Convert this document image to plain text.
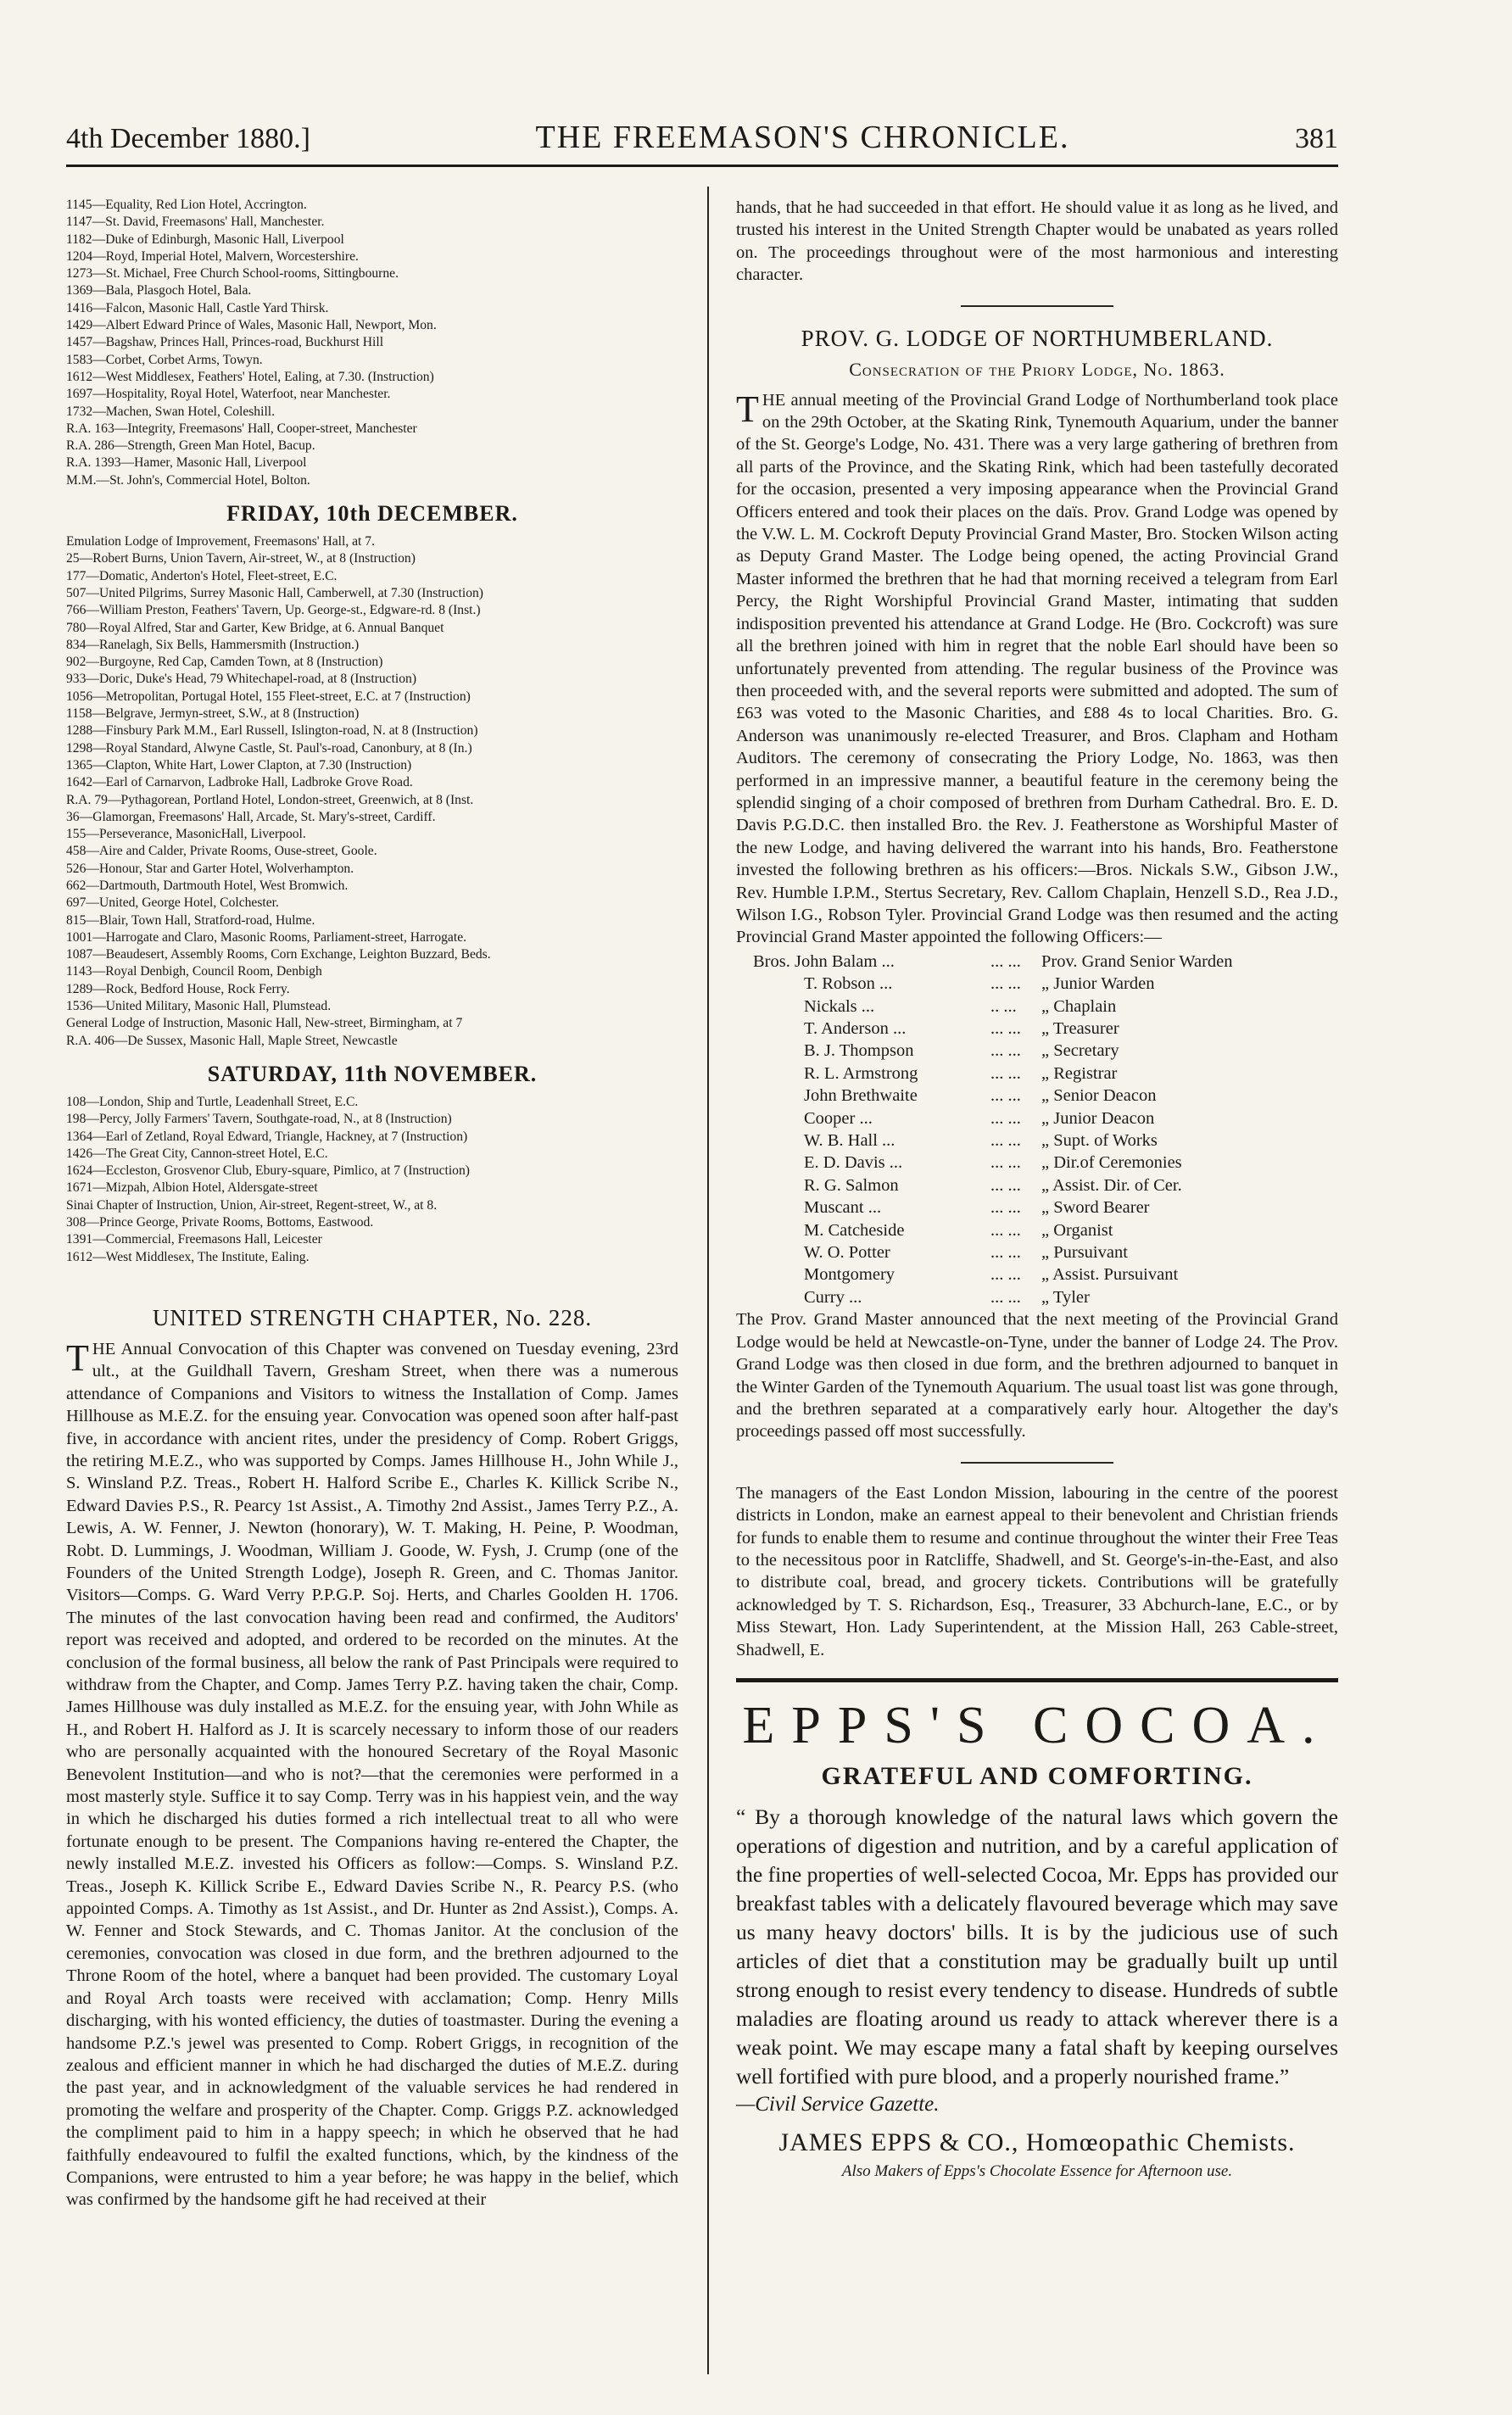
4th December 1880.]	THE FREEMASON'S CHRONICLE.	381

1145—Equality, Red Lion Hotel, Accrington.

1147—St. David, Freemasons' Hall, Manchester.

1182—Duke of Edinburgh, Masonic Hall, Liverpool

1204—Royd, Imperial Hotel, Malvern, Worcestershire.

1273—St. Michael, Free Church School-rooms, Sittingbourne.

1369—Bala, Plasgoch Hotel, Bala.

1416—Falcon, Masonic Hall, Castle Yard Thirsk.

1429—Albert Edward Prince of Wales, Masonic Hall, Newport, Mon.

1457—Bagshaw, Princes Hall, Princes-road, Buckhurst Hill

1583—Corbet, Corbet Arms, Towyn.

1612—West Middlesex, Feathers' Hotel, Ealing, at 7.30. (Instruction)

1697—Hospitality, Royal Hotel, Waterfoot, near Manchester.

1732—Machen, Swan Hotel, Coleshill.

R.A. 163—Integrity, Freemasons' Hall, Cooper-street, Manchester

R.A. 286—Strength, Green Man Hotel, Bacup.

R.A. 1393—Hamer, Masonic Hall, Liverpool

M.M.—St. John's, Commercial Hotel, Bolton.

FRIDAY, 10th DECEMBER.

Emulation Lodge of Improvement, Freemasons' Hall, at 7.

25—Robert Burns, Union Tavern, Air-street, W., at 8 (Instruction)

177—Domatic, Anderton's Hotel, Fleet-street, E.C.

507—United Pilgrims, Surrey Masonic Hall, Camberwell, at 7.30 (Instruction)

766—William Preston, Feathers' Tavern, Up. George-st., Edgware-rd. 8 (Inst.)

780—Royal Alfred, Star and Garter, Kew Bridge, at 6. Annual Banquet

834—Ranelagh, Six Bells, Hammersmith (Instruction.)

902—Burgoyne, Red Cap, Camden Town, at 8 (Instruction)

933—Doric, Duke's Head, 79 Whitechapel-road, at 8 (Instruction)

1056—Metropolitan, Portugal Hotel, 155 Fleet-street, E.C. at 7 (Instruction)

1158—Belgrave, Jermyn-street, S.W., at 8 (Instruction)

1288—Finsbury Park M.M., Earl Russell, Islington-road, N. at 8 (Instruction)

1298—Royal Standard, Alwyne Castle, St. Paul's-road, Canonbury, at 8 (In.)

1365—Clapton, White Hart, Lower Clapton, at 7.30 (Instruction)

1642—Earl of Carnarvon, Ladbroke Hall, Ladbroke Grove Road.

R.A. 79—Pythagorean, Portland Hotel, London-street, Greenwich, at 8 (Inst.

36—Glamorgan, Freemasons' Hall, Arcade, St. Mary's-street, Cardiff.

155—Perseverance, MasonicHall, Liverpool.

458—Aire and Calder, Private Rooms, Ouse-street, Goole.

526—Honour, Star and Garter Hotel, Wolverhampton.

662—Dartmouth, Dartmouth Hotel, West Bromwich.

697—United, George Hotel, Colchester.

815—Blair, Town Hall, Stratford-road, Hulme.

1001—Harrogate and Claro, Masonic Rooms, Parliament-street, Harrogate.

1087—Beaudesert, Assembly Rooms, Corn Exchange, Leighton Buzzard, Beds.

1143—Royal Denbigh, Council Room, Denbigh

1289—Rock, Bedford House, Rock Ferry.

1536—United Military, Masonic Hall, Plumstead.

General Lodge of Instruction, Masonic Hall, New-street, Birmingham, at 7

R.A. 406—De Sussex, Masonic Hall, Maple Street, Newcastle

SATURDAY, 11th NOVEMBER.

108—London, Ship and Turtle, Leadenhall Street, E.C.

198—Percy, Jolly Farmers' Tavern, Southgate-road, N., at 8 (Instruction)

1364—Earl of Zetland, Royal Edward, Triangle, Hackney, at 7 (Instruction)

1426—The Great City, Cannon-street Hotel, E.C.

1624—Eccleston, Grosvenor Club, Ebury-square, Pimlico, at 7 (Instruction)

1671—Mizpah, Albion Hotel, Aldersgate-street

Sinai Chapter of Instruction, Union, Air-street, Regent-street, W., at 8.

308—Prince George, Private Rooms, Bottoms, Eastwood.

1391—Commercial, Freemasons Hall, Leicester

1612—West Middlesex, The Institute, Ealing.

UNITED STRENGTH CHAPTER, No. 228.

THE Annual Convocation of this Chapter was convened on Tuesday evening, 23rd ult., at the Guildhall Tavern, Gresham Street, when there was a numerous attendance of Companions and Visitors to witness the Installation of Comp. James Hillhouse as M.E.Z. for the ensuing year. Convocation was opened soon after half-past five, in accordance with ancient rites, under the presidency of Comp. Robert Griggs, the retiring M.E.Z., who was supported by Comps. James Hillhouse H., John While J., S. Winsland P.Z. Treas., Robert H. Halford Scribe E., Charles K. Killick Scribe N., Edward Davies P.S., R. Pearcy 1st Assist., A. Timothy 2nd Assist., James Terry P.Z., A. Lewis, A. W. Fenner, J. Newton (honorary), W. T. Making, H. Peine, P. Woodman, Robt. D. Lummings, J. Woodman, William J. Goode, W. Fysh, J. Crump (one of the Founders of the United Strength Lodge), Joseph R. Green, and C. Thomas Janitor. Visitors—Comps. G. Ward Verry P.P.G.P. Soj. Herts, and Charles Goolden H. 1706. The minutes of the last convocation having been read and confirmed, the Auditors' report was received and adopted, and ordered to be recorded on the minutes. At the conclusion of the formal business, all below the rank of Past Principals were required to withdraw from the Chapter, and Comp. James Terry P.Z. having taken the chair, Comp. James Hillhouse was duly installed as M.E.Z. for the ensuing year, with John While as H., and Robert H. Halford as J. It is scarcely necessary to inform those of our readers who are personally acquainted with the honoured Secretary of the Royal Masonic Benevolent Institution—and who is not?—that the ceremonies were performed in a most masterly style. Suffice it to say Comp. Terry was in his happiest vein, and the way in which he discharged his duties formed a rich intellectual treat to all who were fortunate enough to be present. The Companions having re-entered the Chapter, the newly installed M.E.Z. invested his Officers as follow:—Comps. S. Winsland P.Z. Treas., Joseph K. Killick Scribe E., Edward Davies Scribe N., R. Pearcy P.S. (who appointed Comps. A. Timothy as 1st Assist., and Dr. Hunter as 2nd Assist.), Comps. A. W. Fenner and Stock Stewards, and C. Thomas Janitor. At the conclusion of the ceremonies, convocation was closed in due form, and the brethren adjourned to the Throne Room of the hotel, where a banquet had been provided. The customary Loyal and Royal Arch toasts were received with acclamation; Comp. Henry Mills discharging, with his wonted efficiency, the duties of toastmaster. During the evening a handsome P.Z.'s jewel was presented to Comp. Robert Griggs, in recognition of the zealous and efficient manner in which he had discharged the duties of M.E.Z. during the past year, and in acknowledgment of the valuable services he had rendered in promoting the welfare and prosperity of the Chapter. Comp. Griggs P.Z. acknowledged the compliment paid to him in a happy speech; in which he observed that he had faithfully endeavoured to fulfil the exalted functions, which, by the kindness of the Companions, were entrusted to him a year before; he was happy in the belief, which was confirmed by the handsome gift he had received at their

hands, that he had succeeded in that effort. He should value it as long as he lived, and trusted his interest in the United Strength Chapter would be unabated as years rolled on. The proceedings throughout were of the most harmonious and interesting character.

PROV. G. LODGE OF NORTHUMBERLAND.
Consecration of the Priory Lodge, No. 1863.

THE annual meeting of the Provincial Grand Lodge of Northumberland took place on the 29th October, at the Skating Rink, Tynemouth Aquarium, under the banner of the St. George's Lodge, No. 431. There was a very large gathering of brethren from all parts of the Province, and the Skating Rink, which had been tastefully decorated for the occasion, presented a very imposing appearance when the Provincial Grand Officers entered and took their places on the daïs. Prov. Grand Lodge was opened by the V.W. L. M. Cockroft Deputy Provincial Grand Master, Bro. Stocken Wilson acting as Deputy Grand Master. The Lodge being opened, the acting Provincial Grand Master informed the brethren that he had that morning received a telegram from Earl Percy, the Right Worshipful Provincial Grand Master, intimating that sudden indisposition prevented his attendance at Grand Lodge. He (Bro. Cockcroft) was sure all the brethren joined with him in regret that the noble Earl should have been so unfortunately prevented from attending. The regular business of the Province was then proceeded with, and the several reports were submitted and adopted. The sum of £63 was voted to the Masonic Charities, and £88 4s to local Charities. Bro. G. Anderson was unanimously re-elected Treasurer, and Bros. Clapham and Hotham Auditors. The ceremony of consecrating the Priory Lodge, No. 1863, was then performed in an impressive manner, a beautiful feature in the ceremony being the splendid singing of a choir composed of brethren from Durham Cathedral. Bro. E. D. Davis P.G.D.C. then installed Bro. the Rev. J. Featherstone as Worshipful Master of the new Lodge, and having delivered the warrant into his hands, Bro. Featherstone invested the following brethren as his officers:—Bros. Nickals S.W., Gibson J.W., Rev. Humble I.P.M., Stertus Secretary, Rev. Callom Chaplain, Henzell S.D., Rea J.D., Wilson I.G., Robson Tyler. Provincial Grand Lodge was then resumed and the acting Provincial Grand Master appointed the following Officers:—

Bros. John Balam ...	... ...	Prov. Grand Senior Warden
T. Robson ...	... ...	„ Junior Warden
Nickals ...	.. ...	„ Chaplain
T. Anderson ...	... ...	„ Treasurer
B. J. Thompson	... ...	„ Secretary
R. L. Armstrong	... ...	„ Registrar
John Brethwaite	... ...	„ Senior Deacon
Cooper ...	... ...	„ Junior Deacon
W. B. Hall ...	... ...	„ Supt. of Works
E. D. Davis ...	... ...	„ Dir.of Ceremonies
R. G. Salmon	... ...	„ Assist. Dir. of Cer.
Muscant ...	... ...	„ Sword Bearer
M. Catcheside	... ...	„ Organist
W. O. Potter	... ...	„ Pursuivant
Montgomery	... ...	„ Assist. Pursuivant
Curry ...	... ...	„ Tyler

The Prov. Grand Master announced that the next meeting of the Provincial Grand Lodge would be held at Newcastle-on-Tyne, under the banner of Lodge 24. The Prov. Grand Lodge was then closed in due form, and the brethren adjourned to banquet in the Winter Garden of the Tynemouth Aquarium. The usual toast list was gone through, and the brethren separated at a comparatively early hour. Altogether the day's proceedings passed off most successfully.

The managers of the East London Mission, labouring in the centre of the poorest districts in London, make an earnest appeal to their benevolent and Christian friends for funds to enable them to resume and continue throughout the winter their Free Teas to the necessitous poor in Ratcliffe, Shadwell, and St. George's-in-the-East, and also to distribute coal, bread, and grocery tickets. Contributions will be gratefully acknowledged by T. S. Richardson, Esq., Treasurer, 33 Abchurch-lane, E.C., or by Miss Stewart, Hon. Lady Superintendent, at the Mission Hall, 263 Cable-street, Shadwell, E.

EPPS'S COCOA.

GRATEFUL AND COMFORTING.

“ By a thorough knowledge of the natural laws which govern the operations of digestion and nutrition, and by a careful application of the fine properties of well-selected Cocoa, Mr. Epps has provided our breakfast tables with a delicately flavoured beverage which may save us many heavy doctors' bills. It is by the judicious use of such articles of diet that a constitution may be gradually built up until strong enough to resist every tendency to disease. Hundreds of subtle maladies are floating around us ready to attack wherever there is a weak point. We may escape many a fatal shaft by keeping ourselves well fortified with pure blood, and a properly nourished frame.”

—Civil Service Gazette.

JAMES EPPS & CO., Homœopathic Chemists.

Also Makers of Epps's Chocolate Essence for Afternoon use.
